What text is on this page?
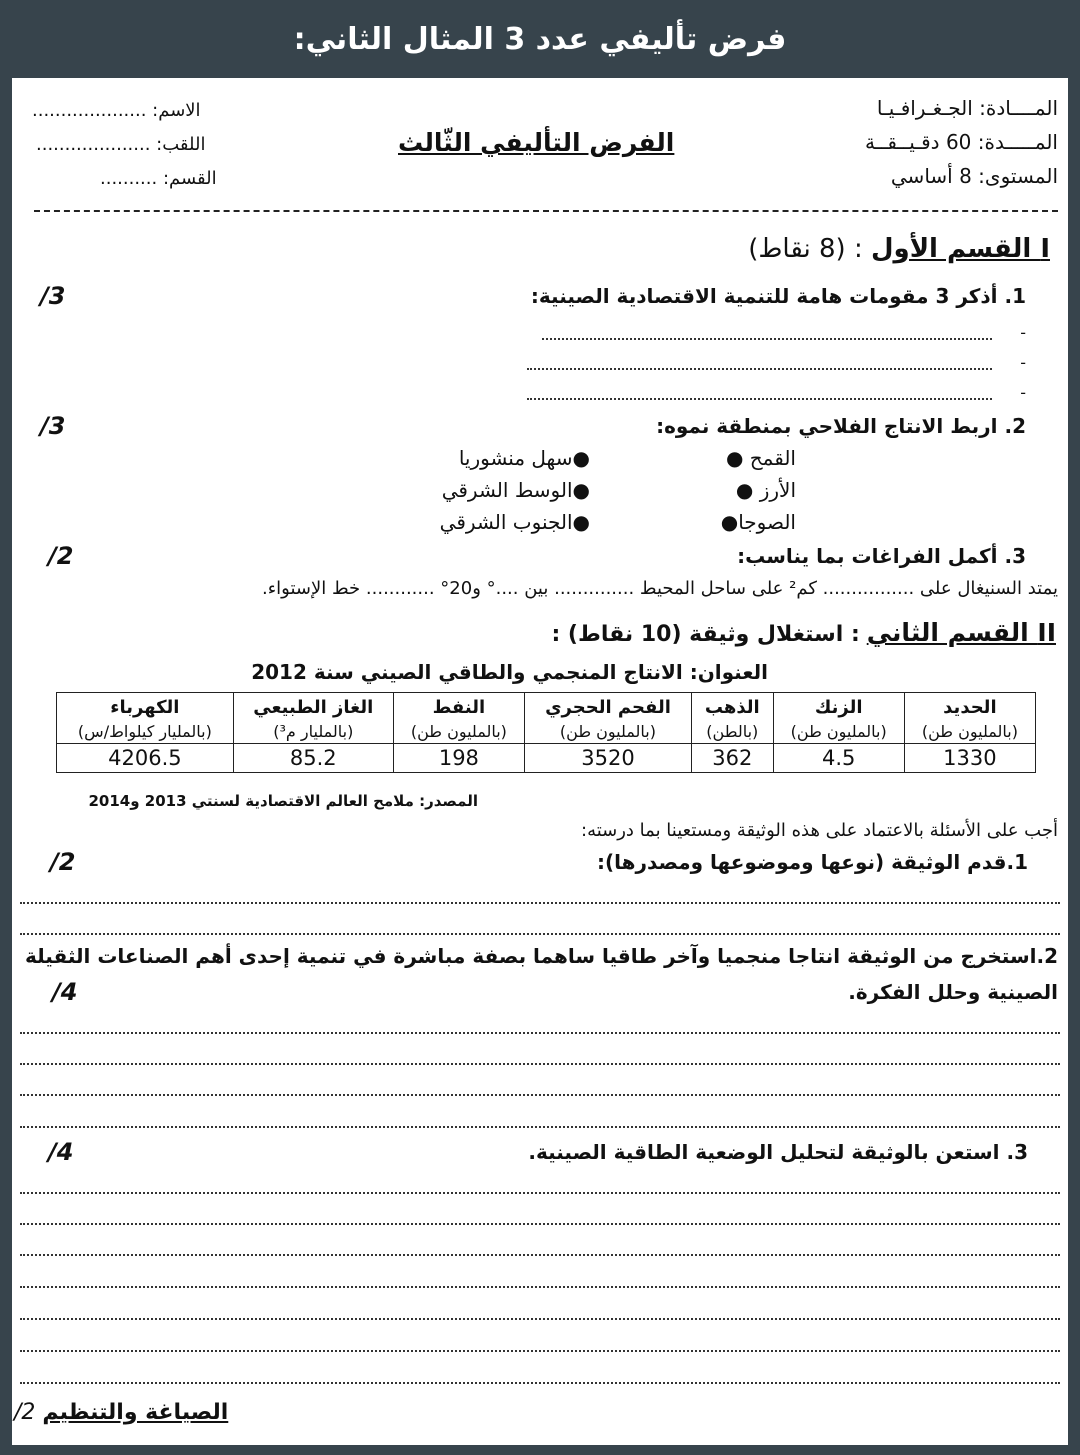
فرض تأليفي عدد 3 المثال الثاني:
المــــادة: الجـغـرافـيـا
المـــــدة: 60 دقـيــقــة
المستوى: 8 أساسي
الفرض التأليفي الثّالث
الاسم: ....................
اللقب: ....................
القسم: ..........
I القسم الأول : (8 نقاط)
1. أذكر 3 مقومات هامة للتنمية الاقتصادية الصينية:
/3
-
-
-
2. اربط الانتاج الفلاحي بمنطقة نموه:
/3
القمح ●
الأرز ●
الصوجا●
●سهل منشوريا
●الوسط الشرقي
●الجنوب الشرقي
3. أكمل الفراغات بما يناسب:
/2
يمتد السنيغال على ................ كم² على ساحل المحيط .............. بين ....° و20° ............ خط الإستواء.
II القسم الثاني : استغلال وثيقة (10 نقاط) :
العنوان: الانتاج المنجمي والطاقي الصيني سنة 2012
الحديد	الزنك	الذهب	الفحم الحجري	النفط	الغاز الطبيعي	الكهرباء
(بالمليون طن)	(بالمليون طن)	(بالطن)	(بالمليون طن)	(بالمليون طن)	(بالمليار م³)	(بالمليار كيلواط/س)
1330	4.5	362	3520	198	85.2	4206.5
المصدر: ملامح العالم الاقتصادية لسنتي 2013 و2014
أجب على الأسئلة بالاعتماد على هذه الوثيقة ومستعينا بما درسته:
1.قدم الوثيقة (نوعها وموضوعها ومصدرها):
/2
2.استخرج من الوثيقة انتاجا منجميا وآخر طاقيا ساهما بصفة مباشرة في تنمية إحدى أهم الصناعات الثقيلة
الصينية وحلل الفكرة.
/4
3. استعن بالوثيقة لتحليل الوضعية الطاقية الصينية.
/4
/2 الصياغة والتنظيم
